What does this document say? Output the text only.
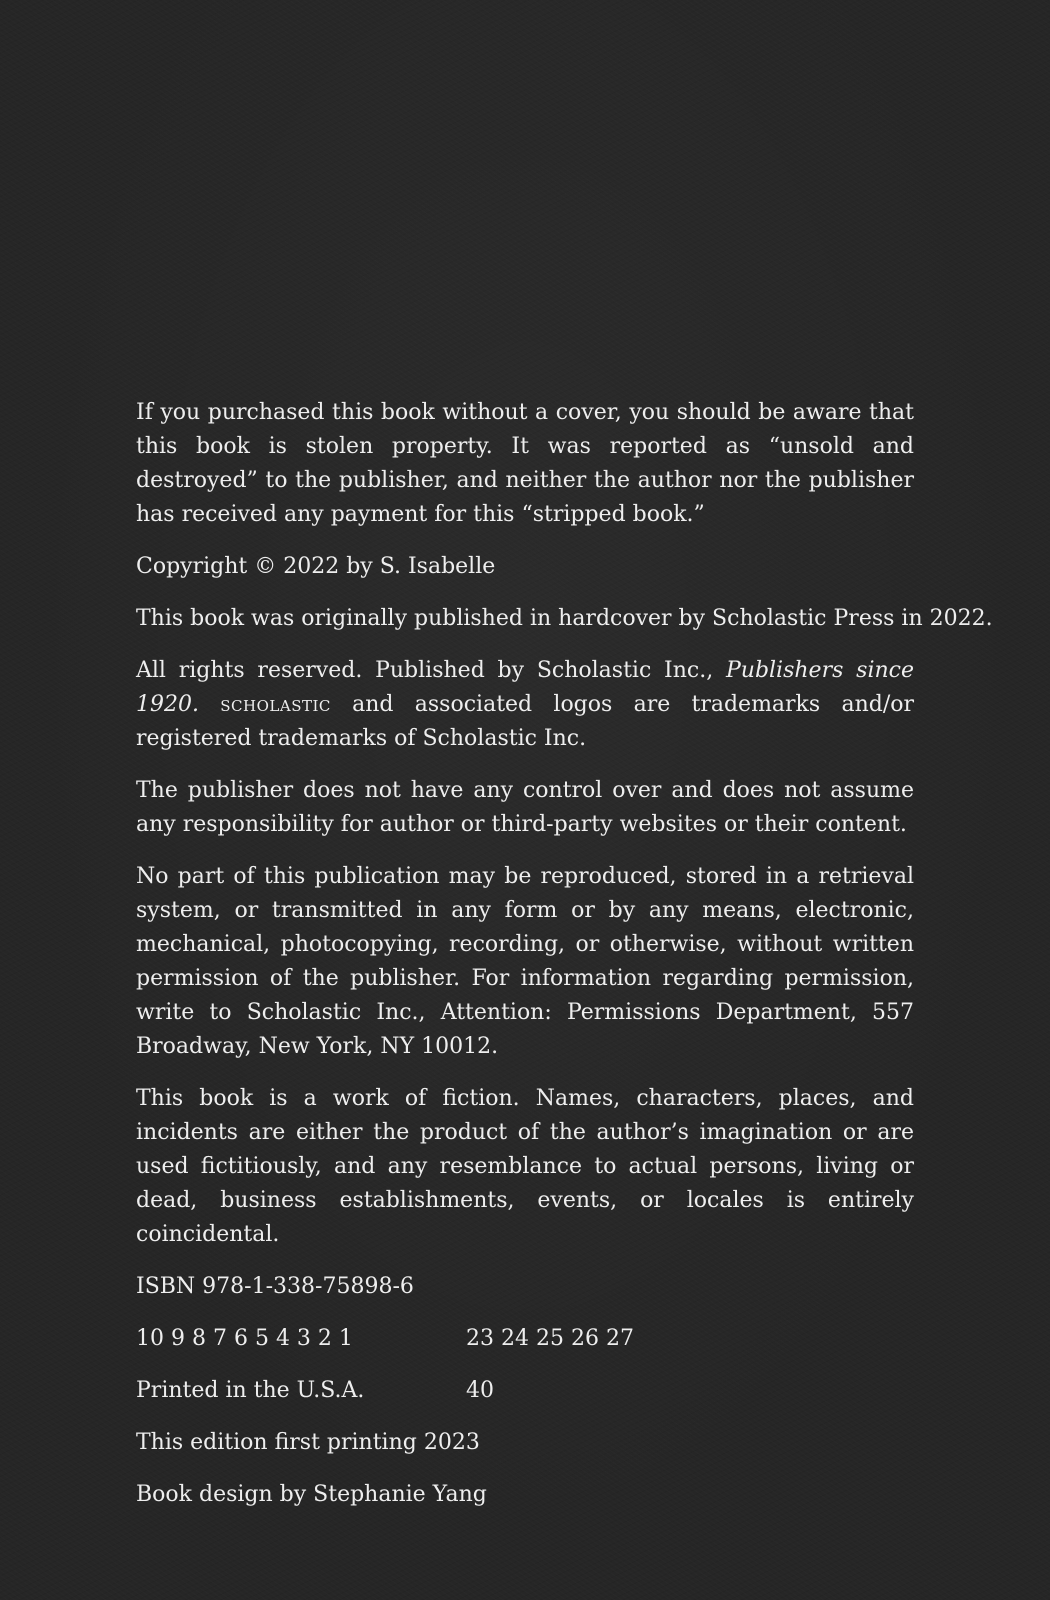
If you purchased this book without a cover, you should be aware that this book is stolen property. It was reported as “unsold and destroyed” to the publisher, and neither the author nor the publisher has received any payment for this “stripped book.”

Copyright © 2022 by S. Isabelle

This book was originally published in hardcover by Scholastic Press in 2022.

All rights reserved. Published by Scholastic Inc., Publishers since 1920. scholastic and associated logos are trademarks and/or registered trademarks of Scholastic Inc.

The publisher does not have any control over and does not assume any responsibility for author or third-party websites or their content.

No part of this publication may be reproduced, stored in a retrieval system, or transmitted in any form or by any means, electronic, mechanical, photocopying, recording, or otherwise, without written permission of the publisher. For information regarding permission, write to Scholastic Inc., Attention: Permissions Department, 557 Broadway, New York, NY 10012.

This book is a work of fiction. Names, characters, places, and incidents are either the product of the author’s imagination or are used fictitiously, and any resemblance to actual persons, living or dead, business establishments, events, or locales is entirely coincidental.

ISBN 978-1-338-75898-6

10 9 8 7 6 5 4 3 2 1	23 24 25 26 27
Printed in the U.S.A.	40

This edition first printing 2023

Book design by Stephanie Yang
